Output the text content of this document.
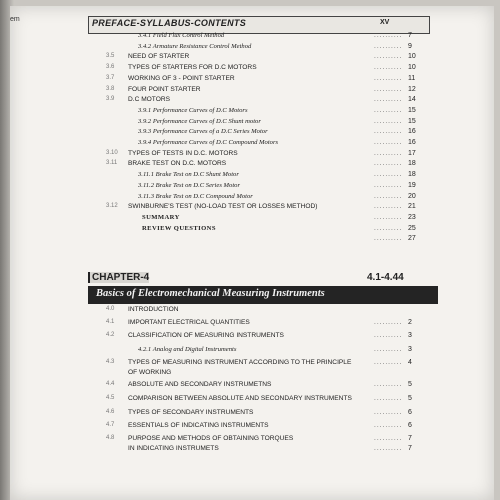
PREFACE-SYLLABUS-CONTENTS	XV
em
3.4.1 Field Flux Control Method	.......... 7
3.4.2 Armature Resistance Control Method	.......... 9
3.5 NEED OF STARTER	.......... 10
3.6 TYPES OF STARTERS FOR D.C MOTORS	.......... 10
3.7 WORKING OF 3 - POINT STARTER	.......... 11
3.8 FOUR POINT STARTER	.......... 12
3.9 D.C MOTORS	.......... 14
3.9.1 Performance Curves of D.C Motors	.......... 15
3.9.2 Performance Curves of D.C Shunt motor	.......... 15
3.9.3 Performance Curves of a D.C Series Motor	.......... 16
3.9.4 Performance Curves of D.C Compound Motors	.......... 16
3.10 TYPES OF TESTS IN D.C. MOTORS	.......... 17
3.11 BRAKE TEST ON D.C. MOTORS	.......... 18
3.11.1 Brake Test on D.C Shunt Motor	.......... 18
3.11.2 Brake Test on D.C Series Motor	.......... 19
3.11.3 Brake Test on D.C Compound Motor	.......... 20
3.12 SWINBURNE'S TEST (NO-LOAD TEST OR LOSSES METHOD)	.......... 21
SUMMARY	.......... 23
REVIEW QUESTIONS	.......... 25
.......... 27
CHAPTER-4	4.1-4.44
Basics of Electromechanical Measuring Instruments
4.0 INTRODUCTION
4.1 IMPORTANT ELECTRICAL QUANTITIES	.......... 2
4.2 CLASSIFICATION OF MEASURING INSTRUMENTS	.......... 3
4.2.1 Analog and Digital Instruments	.......... 3
4.3 TYPES OF MEASURING INSTRUMENT ACCORDING TO THE PRINCIPLE	.......... 4
OF WORKING
4.4 ABSOLUTE AND SECONDARY INSTRUMETNS	.......... 5
4.5 COMPARISON BETWEEN ABSOLUTE AND SECONDARY INSTRUMENTS	.......... 5
4.6 TYPES OF SECONDARY INSTRUMENTS	.......... 6
4.7 ESSENTIALS OF INDICATING INSTRUMENTS	.......... 6
4.8 PURPOSE AND METHODS OF OBTAINING TORQUES	.......... 7
IN INDICATING INSTRUMETS	.......... 7
